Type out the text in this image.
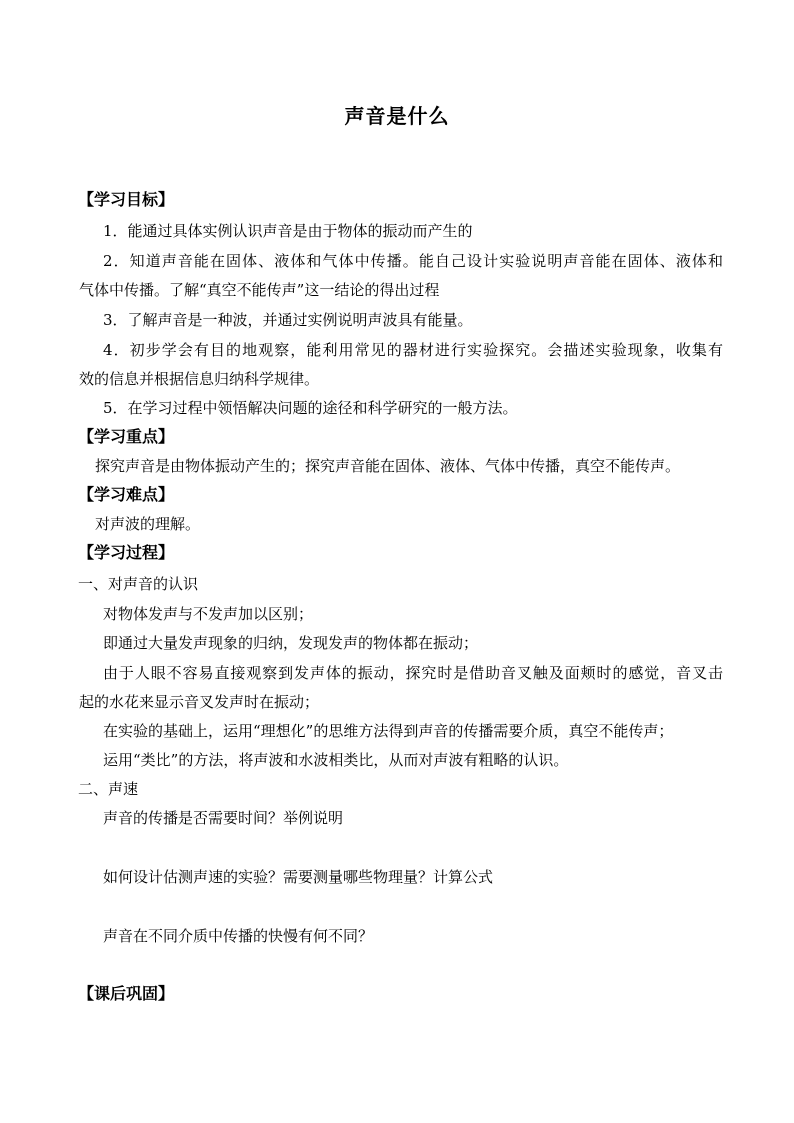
声音是什么
【学习目标】
1．能通过具体实例认识声音是由于物体的振动而产生的
2．知道声音能在固体、液体和气体中传播。能自己设计实验说明声音能在固体、液体和
气体中传播。了解“真空不能传声”这一结论的得出过程
3．了解声音是一种波，并通过实例说明声波具有能量。
4．初步学会有目的地观察，能利用常见的器材进行实验探究。会描述实验现象，收集有
效的信息并根据信息归纳科学规律。
5．在学习过程中领悟解决问题的途径和科学研究的一般方法。
【学习重点】
探究声音是由物体振动产生的；探究声音能在固体、液体、气体中传播，真空不能传声。
【学习难点】
对声波的理解。
【学习过程】
一、对声音的认识
对物体发声与不发声加以区别；
即通过大量发声现象的归纳，发现发声的物体都在振动；
由于人眼不容易直接观察到发声体的振动，探究时是借助音叉触及面颊时的感觉，音叉击
起的水花来显示音叉发声时在振动；
在实验的基础上，运用“理想化”的思维方法得到声音的传播需要介质，真空不能传声；
运用“类比”的方法，将声波和水波相类比，从而对声波有粗略的认识。
二、声速
声音的传播是否需要时间？举例说明
如何设计估测声速的实验？需要测量哪些物理量？计算公式
声音在不同介质中传播的快慢有何不同？
【课后巩固】
